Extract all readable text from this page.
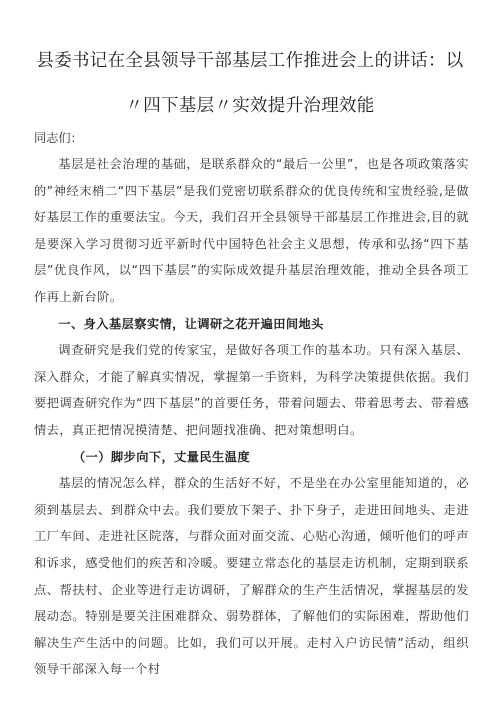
县委书记在全县领导干部基层工作推进会上的讲话：以
〃四下基层〃实效提升治理效能
同志们：

基层是社会治理的基础，是联系群众的“最后一公里”，也是各项政策落实的”神经末梢二“四下基层”是我们党密切联系群众的优良传统和宝贵经验,是做好基层工作的重要法宝。今天，我们召开全县领导干部基层工作推进会,目的就是要深入学习贯彻习近平新时代中国特色社会主义思想，传承和弘扬“四下基层”优良作风，以“四下基层”的实际成效提升基层治理效能，推动全县各项工作再上新台阶。

一、身入基层察实情，让调研之花开遍田间地头

调查研究是我们党的传家宝，是做好各项工作的基本功。只有深入基层、深入群众，才能了解真实情况，掌握第一手资料，为科学决策提供依据。我们要把调查研究作为“四下基层”的首要任务，带着问题去、带着思考去、带着感情去，真正把情况摸清楚、把问题找准确、把对策想明白。

（一）脚步向下，丈量民生温度

基层的情况怎么样，群众的生活好不好，不是坐在办公室里能知道的，必须到基层去、到群众中去。我们要放下架子、扑下身子，走进田间地头、走进工厂车间、走进社区院落，与群众面对面交流、心贴心沟通，倾听他们的呼声和诉求，感受他们的疾苦和冷暖。要建立常态化的基层走访机制，定期到联系点、帮扶村、企业等进行走访调研，了解群众的生产生活情况，掌握基层的发展动态。特别是要关注困难群众、弱势群体，了解他们的实际困难，帮助他们解决生产生活中的问题。比如，我们可以开展。走村入户访民情”活动，组织领导干部深入每一个村
